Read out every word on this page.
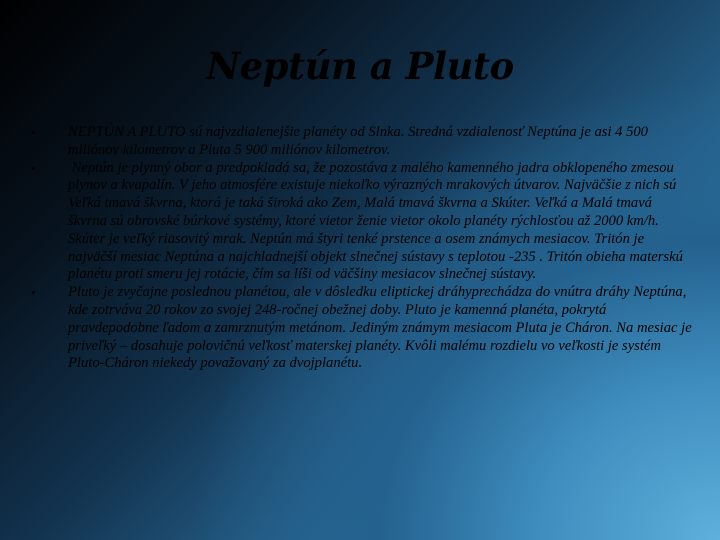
Neptún a Pluto
• NEPTÚN A PLUTO sú najvzdialenejšie planéty od Slnka. Stredná vzdialenosť Neptúna je asi 4 500 miliónov kilometrov a Pluta 5 900 miliónov kilometrov.
• Neptún je plynný obor a predpokladá sa, že pozostáva z malého kamenného jadra obklopeného zmesou plynov a kvapalín. V jeho atmosfére existuje niekoľko výrazných mrakových útvarov. Najväčšie z nich sú Veľká tmavá škvrna, ktorá je taká široká ako Zem, Malá tmavá škvrna a Skúter. Veľká a Malá tmavá škvrna sú obrovské búrkové systémy, ktoré vietor ženie vietor okolo planéty rýchlosťou až 2000 km/h. Skúter je veľký riasovitý mrak. Neptún má štyri tenké prstence a osem známych mesiacov. Tritón je najväčší mesiac Neptúna a najchladnejší objekt slnečnej sústavy s teplotou -235 . Tritón obieha materskú planétu proti smeru jej rotácie, čím sa líši od väčšiny mesiacov slnečnej sústavy.
• Pluto je zvyčajne poslednou planétou, ale v dôsledku eliptickej dráhyprechádza do vnútra dráhy Neptúna, kde zotrváva 20 rokov zo svojej 248-ročnej obežnej doby. Pluto je kamenná planéta, pokrytá pravdepodobne ľadom a zamrznutým metánom. Jediným známym mesiacom Pluta je Cháron. Na mesiac je priveľký – dosahuje polovičnú veľkosť materskej planéty. Kvôli malému rozdielu vo veľkosti je systém Pluto-Cháron niekedy považovaný za dvojplanétu.
